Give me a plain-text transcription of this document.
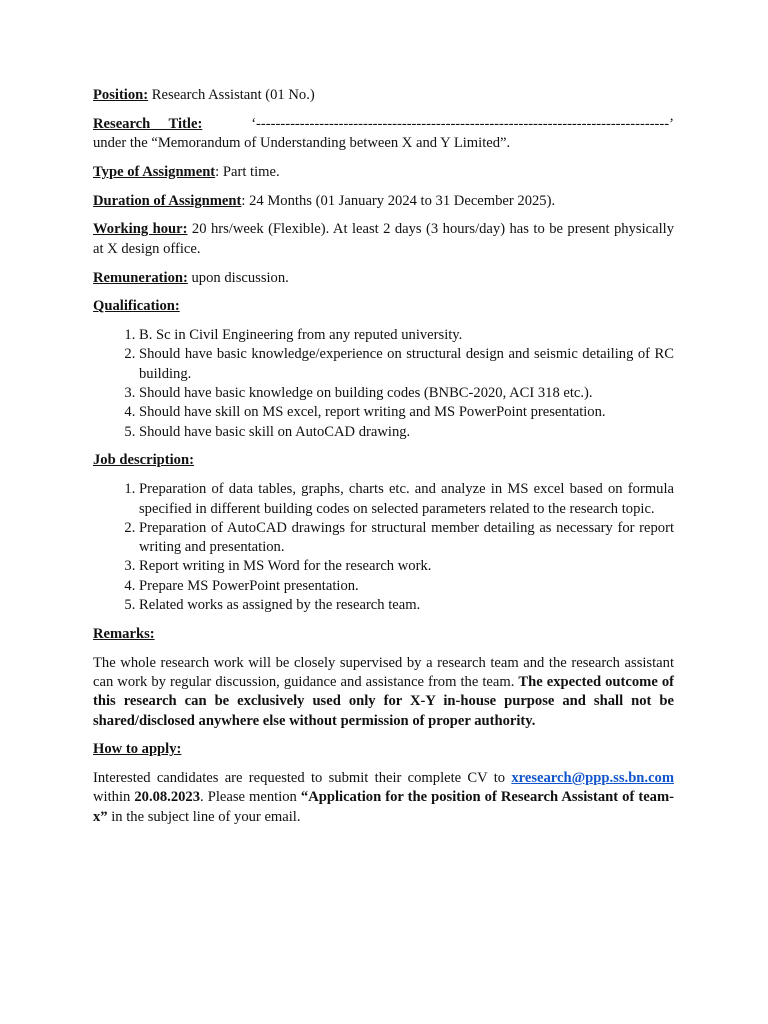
Position: Research Assistant (01 No.)

Research Title:	‘-------------------------------------------------------------------------------------’
under the “Memorandum of Understanding between X and Y Limited”.

Type of Assignment: Part time.

Duration of Assignment: 24 Months (01 January 2024 to 31 December 2025).

Working hour: 20 hrs/week (Flexible). At least 2 days (3 hours/day) has to be present physically at X design office.

Remuneration: upon discussion.

Qualification:

1. B. Sc in Civil Engineering from any reputed university.
2. Should have basic knowledge/experience on structural design and seismic detailing of RC building.
3. Should have basic knowledge on building codes (BNBC-2020, ACI 318 etc.).
4. Should have skill on MS excel, report writing and MS PowerPoint presentation.
5. Should have basic skill on AutoCAD drawing.

Job description:

1. Preparation of data tables, graphs, charts etc. and analyze in MS excel based on formula specified in different building codes on selected parameters related to the research topic.
2. Preparation of AutoCAD drawings for structural member detailing as necessary for report writing and presentation.
3. Report writing in MS Word for the research work.
4. Prepare MS PowerPoint presentation.
5. Related works as assigned by the research team.

Remarks:

The whole research work will be closely supervised by a research team and the research assistant can work by regular discussion, guidance and assistance from the team. The expected outcome of this research can be exclusively used only for X-Y in-house purpose and shall not be shared/disclosed anywhere else without permission of proper authority.

How to apply:

Interested candidates are requested to submit their complete CV to xresearch@ppp.ss.bn.com within 20.08.2023. Please mention “Application for the position of Research Assistant of team-x” in the subject line of your email.
